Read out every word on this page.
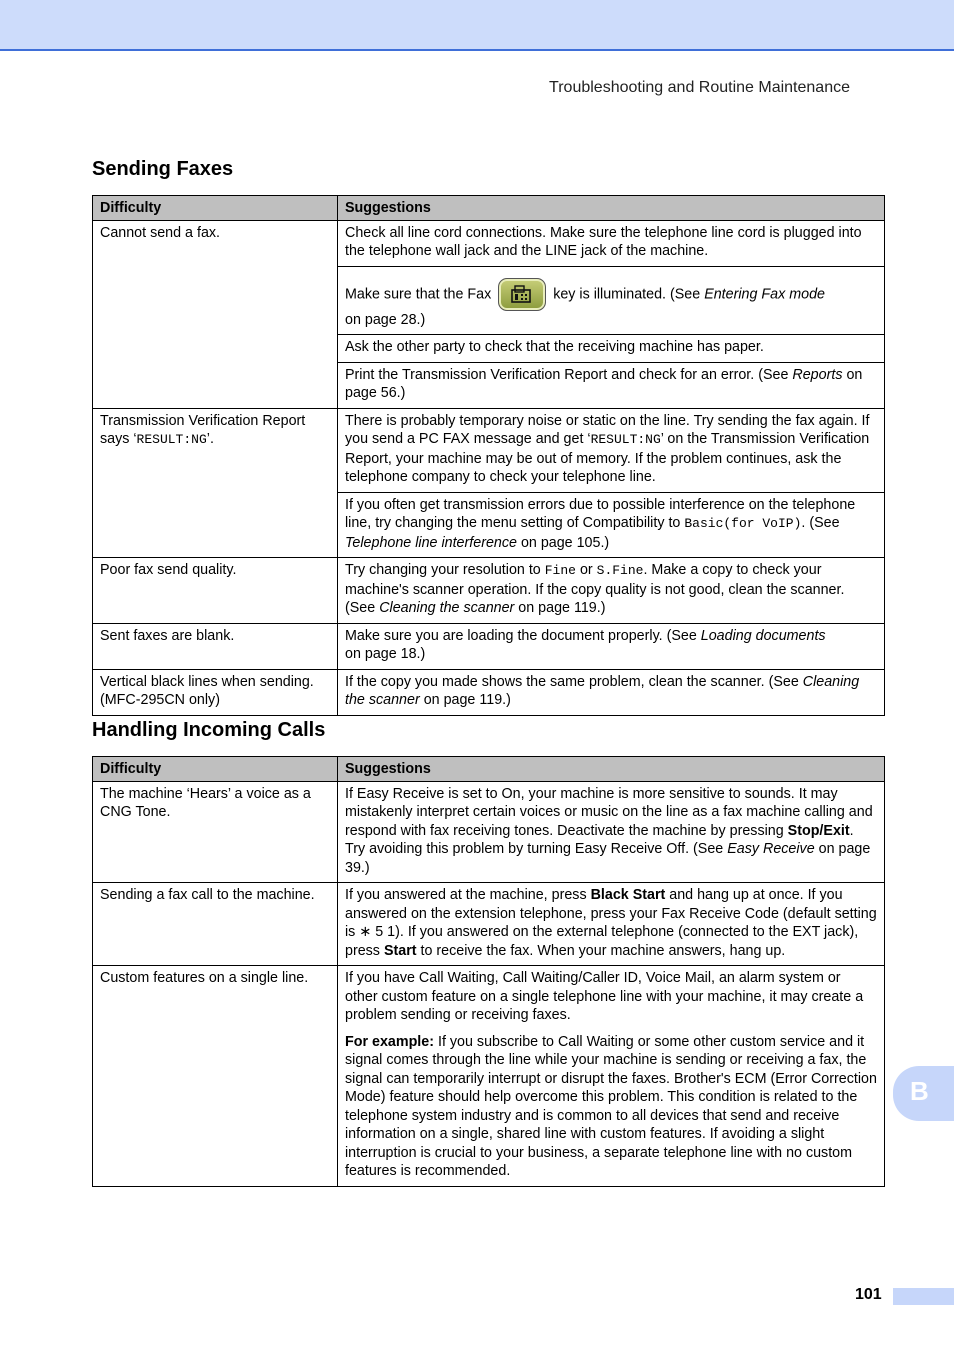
Troubleshooting and Routine Maintenance
Sending Faxes
Difficulty	Suggestions
Cannot send a fax.	Check all line cord connections. Make sure the telephone line cord is plugged into the telephone wall jack and the LINE jack of the machine.

	Make sure that the Fax key is illuminated. (See Entering Fax mode
on page 28.)

	Ask the other party to check that the receiving machine has paper.
	Print the Transmission Verification Report and check for an error. (See Reports on page 56.)
Transmission Verification Report says ‘RESULT:NG’.	There is probably temporary noise or static on the line. Try sending the fax again. If you send a PC FAX message and get ‘RESULT:NG’ on the Transmission Verification Report, your machine may be out of memory. If the problem continues, ask the telephone company to check your telephone line.
	If you often get transmission errors due to possible interference on the telephone line, try changing the menu setting of Compatibility to Basic(for VoIP). (See Telephone line interference on page 105.)
Poor fax send quality.	Try changing your resolution to Fine or S.Fine. Make a copy to check your machine's scanner operation. If the copy quality is not good, clean the scanner. (See Cleaning the scanner on page 119.)
Sent faxes are blank.	Make sure you are loading the document properly. (See Loading documents
on page 18.)
Vertical black lines when sending. (MFC-295CN only)	If the copy you made shows the same problem, clean the scanner. (See Cleaning the scanner on page 119.)
Handling Incoming Calls
Difficulty	Suggestions
The machine ‘Hears’ a voice as a CNG Tone.	If Easy Receive is set to On, your machine is more sensitive to sounds. It may mistakenly interpret certain voices or music on the line as a fax machine calling and respond with fax receiving tones. Deactivate the machine by pressing Stop/Exit. Try avoiding this problem by turning Easy Receive Off. (See Easy Receive on page 39.)
Sending a fax call to the machine.	If you answered at the machine, press Black Start and hang up at once. If you answered on the extension telephone, press your Fax Receive Code (default setting is ∗ 5 1). If you answered on the external telephone (connected to the EXT jack), press Start to receive the fax. When your machine answers, hang up.
Custom features on a single line.	If you have Call Waiting, Call Waiting/Caller ID, Voice Mail, an alarm system or other custom feature on a single telephone line with your machine, it may create a problem sending or receiving faxes.
For example: If you subscribe to Call Waiting or some other custom service and it signal comes through the line while your machine is sending or receiving a fax, the signal can temporarily interrupt or disrupt the faxes. Brother's ECM (Error Correction Mode) feature should help overcome this problem. This condition is related to the telephone system industry and is common to all devices that send and receive information on a single, shared line with custom features. If avoiding a slight interruption is crucial to your business, a separate telephone line with no custom features is recommended.
B
101
